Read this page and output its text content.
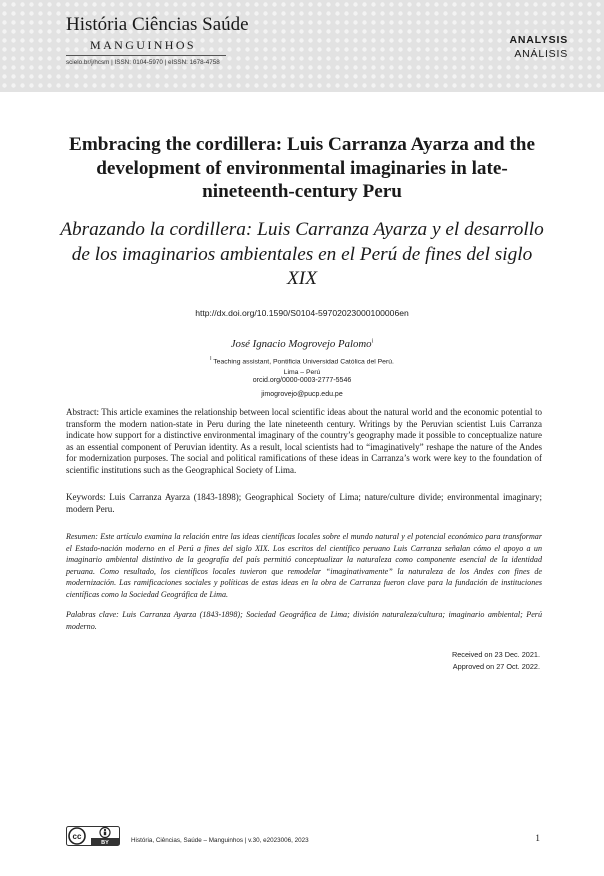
História Ciências Saúde
MANGUINHOS
scielo.br/j/hcsm | ISSN: 0104-5970 | eISSN: 1678-4758
ANALYSIS
ANÁLISIS
Embracing the cordillera: Luis Carranza Ayarza and the development of environmental imaginaries in late-nineteenth-century Peru
Abrazando la cordillera: Luis Carranza Ayarza y el desarrollo de los imaginarios ambientales en el Perú de fines del siglo XIX
http://dx.doi.org/10.1590/S0104-59702023000100006en
José Ignacio Mogrovejo Palomo$^i$
$^I$ Teaching assistant, Pontificia Universidad Católica del Perú.
Lima – Perú
orcid.org/0000-0003-2777-5546
jimogrovejo@pucp.edu.pe
Abstract: This article examines the relationship between local scientific ideas about the natural world and the economic potential to transform the modern nation-state in Peru during the late nineteenth century. Writings by the Peruvian scientist Luis Carranza indicate how support for a distinctive environmental imaginary of the country’s geography made it possible to conceptualize nature as an essential component of Peruvian identity. As a result, local scientists had to “imaginatively” reshape the nature of the Andes for modernization purposes. The social and political ramifications of these ideas in Carranza’s work were key to the foundation of scientific institutions such as the Geographical Society of Lima.
Keywords: Luis Carranza Ayarza (1843-1898); Geographical Society of Lima; nature/culture divide; environmental imaginary; modern Peru.
Resumen: Este artículo examina la relación entre las ideas científicas locales sobre el mundo natural y el potencial económico para transformar el Estado-nación moderno en el Perú a fines del siglo XIX. Los escritos del científico peruano Luis Carranza señalan cómo el apoyo a un imaginario ambiental distintivo de la geografía del país permitió conceptualizar la naturaleza como componente esencial de la identidad peruana. Como resultado, los científicos locales tuvieron que remodelar “imaginativamente” la naturaleza de los Andes con fines de modernización. Las ramificaciones sociales y políticas de estas ideas en la obra de Carranza fueron clave para la fundación de instituciones científicas como la Sociedad Geográfica de Lima.
Palabras clave: Luis Carranza Ayarza (1843-1898); Sociedad Geográfica de Lima; división naturaleza/cultura; imaginario ambiental; Perú moderno.
Received on 23 Dec. 2021.
Approved on 27 Oct. 2022.
cc
BY	História, Ciências, Saúde – Manguinhos | v.30, e2023006, 2023	1
